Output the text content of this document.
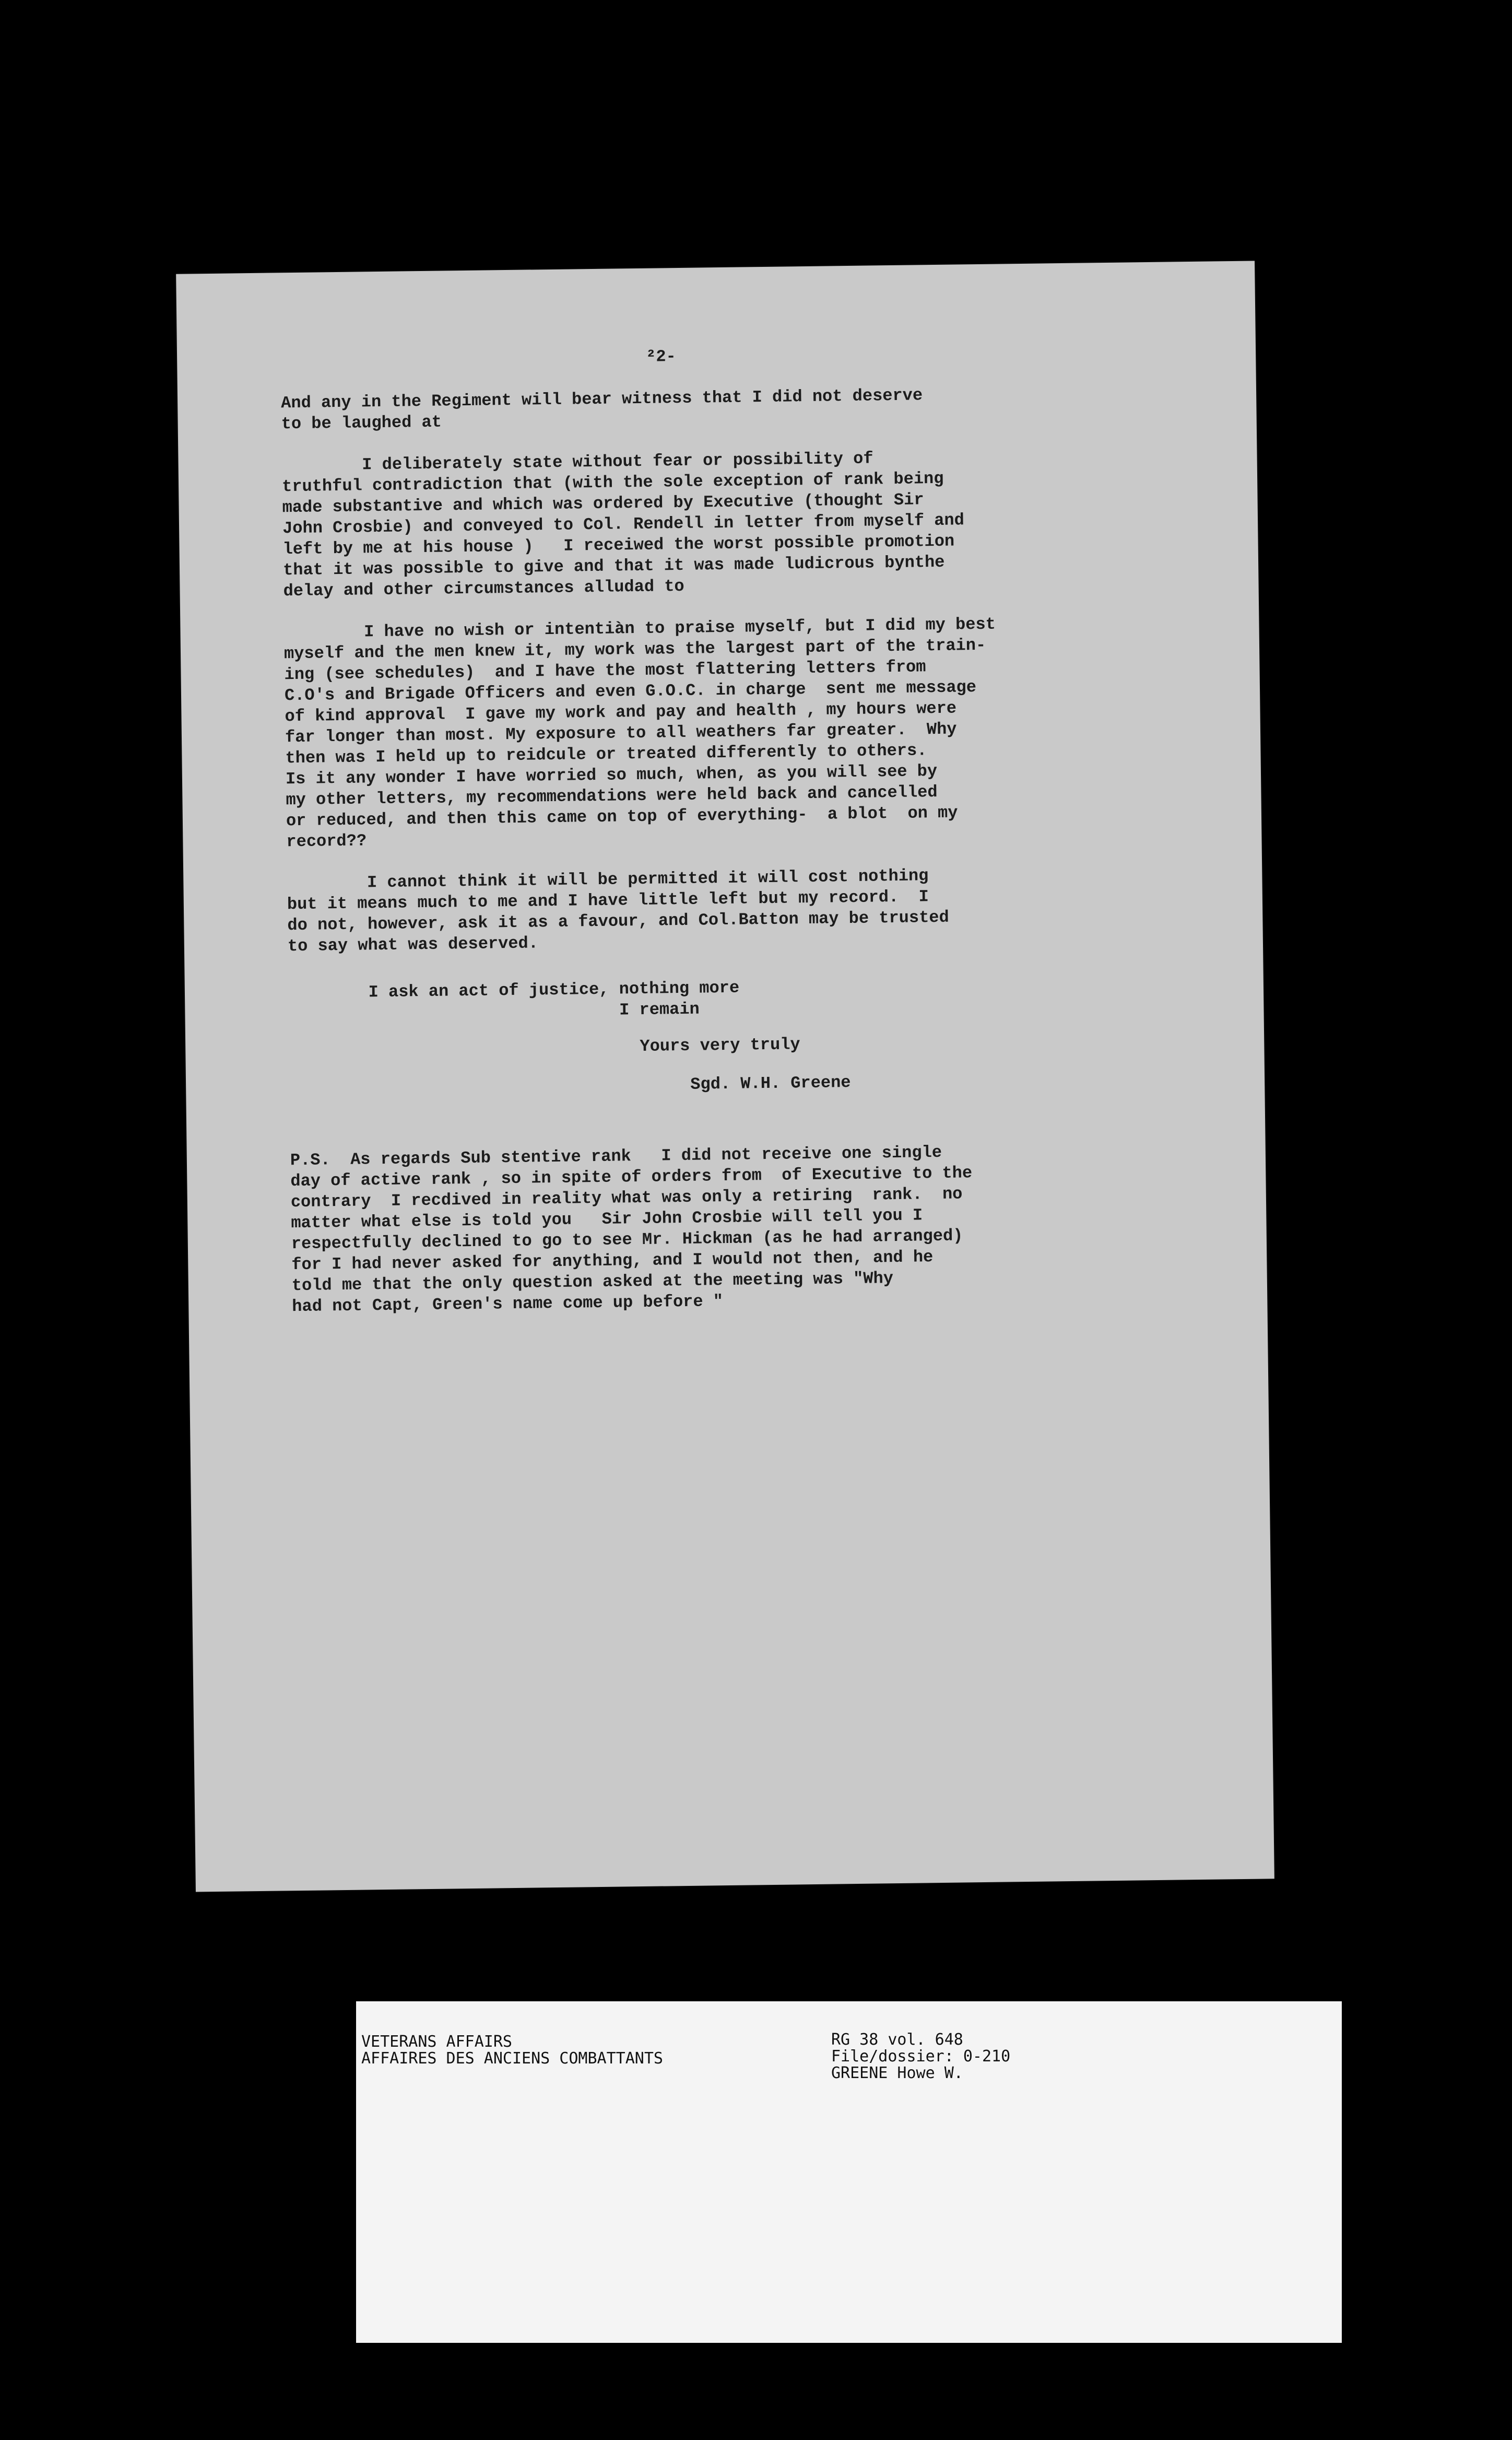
²2-
And any in the Regiment will bear witness that I did not deserve
to be laughed at
I deliberately state without fear or possibility of
truthful contradiction that (with the sole exception of rank being
made substantive and which was ordered by Executive (thought Sir
John Crosbie) and conveyed to Col. Rendell in letter from myself and
left by me at his house )   I receiwed the worst possible promotion
that it was possible to give and that it was made ludicrous bynthe
delay and other circumstances alludad to
I have no wish or intentiàn to praise myself, but I did my best
myself and the men knew it, my work was the largest part of the train-
ing (see schedules)  and I have the most flattering letters from
C.O's and Brigade Officers and even G.O.C. in charge  sent me message
of kind approval  I gave my work and pay and health , my hours were
far longer than most. My exposure to all weathers far greater.  Why
then was I held up to reidcule or treated differently to others.
Is it any wonder I have worried so much, when, as you will see by
my other letters, my recommendations were held back and cancelled
or reduced, and then this came on top of everything-  a blot  on my
record??
I cannot think it will be permitted it will cost nothing
but it means much to me and I have little left but my record.  I
do not, however, ask it as a favour, and Col.Batton may be trusted
to say what was deserved.
I ask an act of justice, nothing more
I remain
Yours very truly
Sgd. W.H. Greene
P.S.  As regards Sub stentive rank   I did not receive one single
day of active rank , so in spite of orders from  of Executive to the
contrary  I recdived in reality what was only a retiring  rank.  no
matter what else is told you   Sir John Crosbie will tell you I
respectfully declined to go to see Mr. Hickman (as he had arranged)
for I had never asked for anything, and I would not then, and he
told me that the only question asked at the meeting was "Why
had not Capt, Green's name come up before "
VETERANS AFFAIRS
AFFAIRES DES ANCIENS COMBATTANTS
RG 38 vol. 648
File/dossier: 0-210
GREENE Howe W.
